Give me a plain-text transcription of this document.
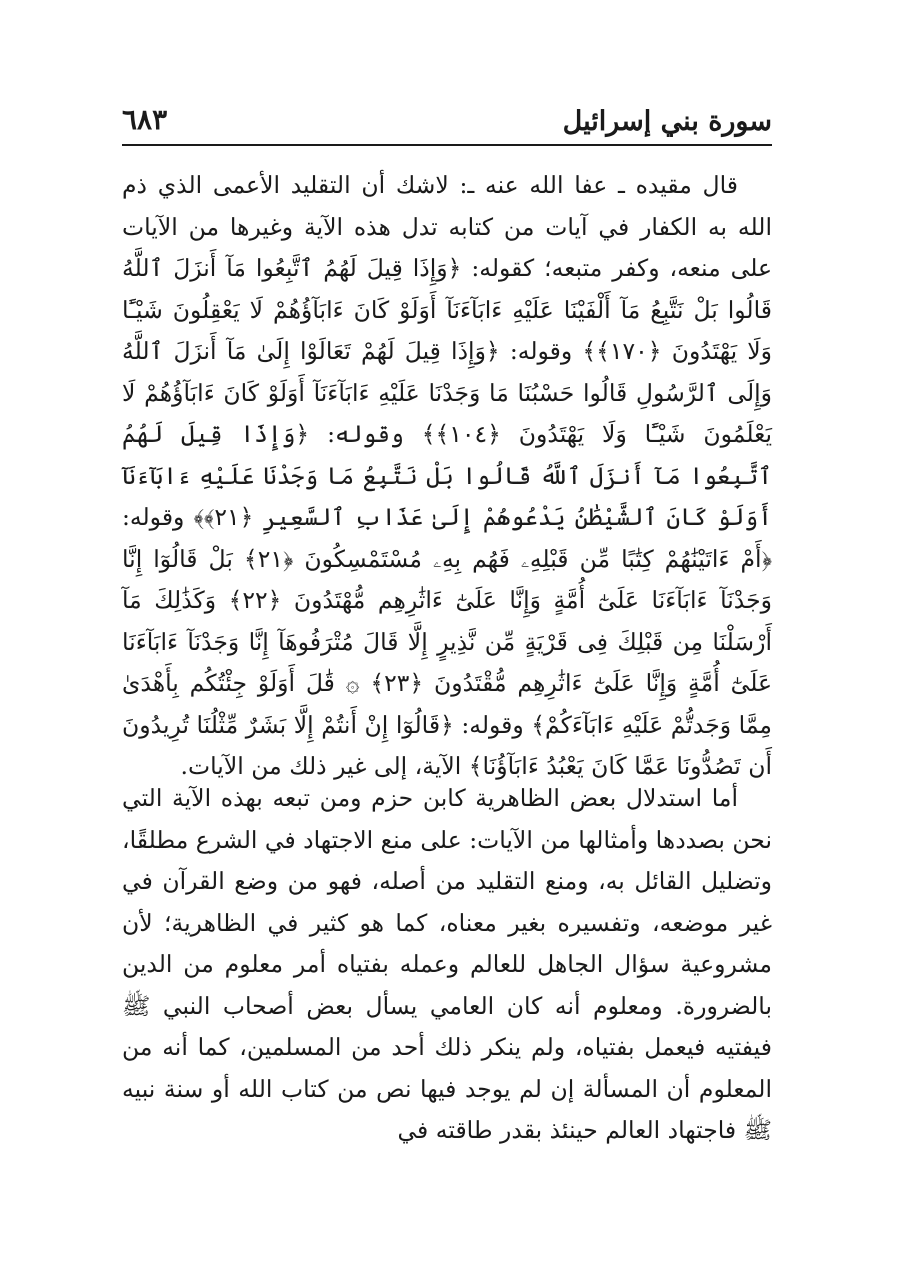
سورة بني إسرائيل
٦٨٣

قال مقيده ـ عفا الله عنه ـ: لاشك أن التقليد الأعمى الذي ذم الله به الكفار في آيات من كتابه تدل هذه الآية وغيرها من الآيات على منعه، وكفر متبعه؛ كقوله: ﴿وَإِذَا قِيلَ لَهُمُ ٱتَّبِعُوا مَآ أَنزَلَ ٱللَّهُ قَالُوا بَلْ نَتَّبِعُ مَآ أَلْفَيْنَا عَلَيْهِ ءَابَآءَنَآ أَوَلَوْ كَانَ ءَابَآؤُهُمْ لَا يَعْقِلُونَ شَيْـًٔا وَلَا يَهْتَدُونَ ﴿١٧٠﴾﴾ وقوله: ﴿وَإِذَا قِيلَ لَهُمْ تَعَالَوْا إِلَىٰ مَآ أَنزَلَ ٱللَّهُ وَإِلَى ٱلرَّسُولِ قَالُوا حَسْبُنَا مَا وَجَدْنَا عَلَيْهِ ءَابَآءَنَآ أَوَلَوْ كَانَ ءَابَآؤُهُمْ لَا يَعْلَمُونَ شَيْـًٔا وَلَا يَهْتَدُونَ ﴿١٠٤﴾﴾ وقوله: ﴿وَإِذَا قِيلَ لَهُمُ ٱتَّبِعُوا مَآ أَنزَلَ ٱللَّهُ قَالُوا بَلْ نَتَّبِعُ مَا وَجَدْنَا عَلَيْهِ ءَابَآءَنَآ أَوَلَوْ كَانَ ٱلشَّيْطَٰنُ يَدْعُوهُمْ إِلَىٰ عَذَابِ ٱلسَّعِيرِ ﴿٢١﴾﴾ وقوله: ﴿أَمْ ءَاتَيْنَٰهُمْ كِتَٰبًا مِّن قَبْلِهِۦ فَهُم بِهِۦ مُسْتَمْسِكُونَ ﴿٢١﴾ بَلْ قَالُوٓا إِنَّا وَجَدْنَآ ءَابَآءَنَا عَلَىٰٓ أُمَّةٍ وَإِنَّا عَلَىٰٓ ءَاثَٰرِهِم مُّهْتَدُونَ ﴿٢٢﴾ وَكَذَٰلِكَ مَآ أَرْسَلْنَا مِن قَبْلِكَ فِى قَرْيَةٍ مِّن نَّذِيرٍ إِلَّا قَالَ مُتْرَفُوهَآ إِنَّا وَجَدْنَآ ءَابَآءَنَا عَلَىٰٓ أُمَّةٍ وَإِنَّا عَلَىٰٓ ءَاثَٰرِهِم مُّقْتَدُونَ ﴿٢٣﴾ ۞ قَٰلَ أَوَلَوْ جِئْتُكُم بِأَهْدَىٰ مِمَّا وَجَدتُّمْ عَلَيْهِ ءَابَآءَكُمْ﴾ وقوله: ﴿قَالُوٓا إِنْ أَنتُمْ إِلَّا بَشَرٌ مِّثْلُنَا تُرِيدُونَ أَن تَصُدُّونَا عَمَّا كَانَ يَعْبُدُ ءَابَآؤُنَا﴾ الآية، إلى غير ذلك من الآيات.

أما استدلال بعض الظاهرية كابن حزم ومن تبعه بهذه الآية التي نحن بصددها وأمثالها من الآيات: على منع الاجتهاد في الشرع مطلقًا، وتضليل القائل به، ومنع التقليد من أصله، فهو من وضع القرآن في غير موضعه، وتفسيره بغير معناه، كما هو كثير في الظاهرية؛ لأن مشروعية سؤال الجاهل للعالم وعمله بفتياه أمر معلوم من الدين بالضرورة. ومعلوم أنه كان العامي يسأل بعض أصحاب النبي ﷺ فيفتيه فيعمل بفتياه، ولم ينكر ذلك أحد من المسلمين، كما أنه من المعلوم أن المسألة إن لم يوجد فيها نص من كتاب الله أو سنة نبيه ﷺ فاجتهاد العالم حينئذ بقدر طاقته في
